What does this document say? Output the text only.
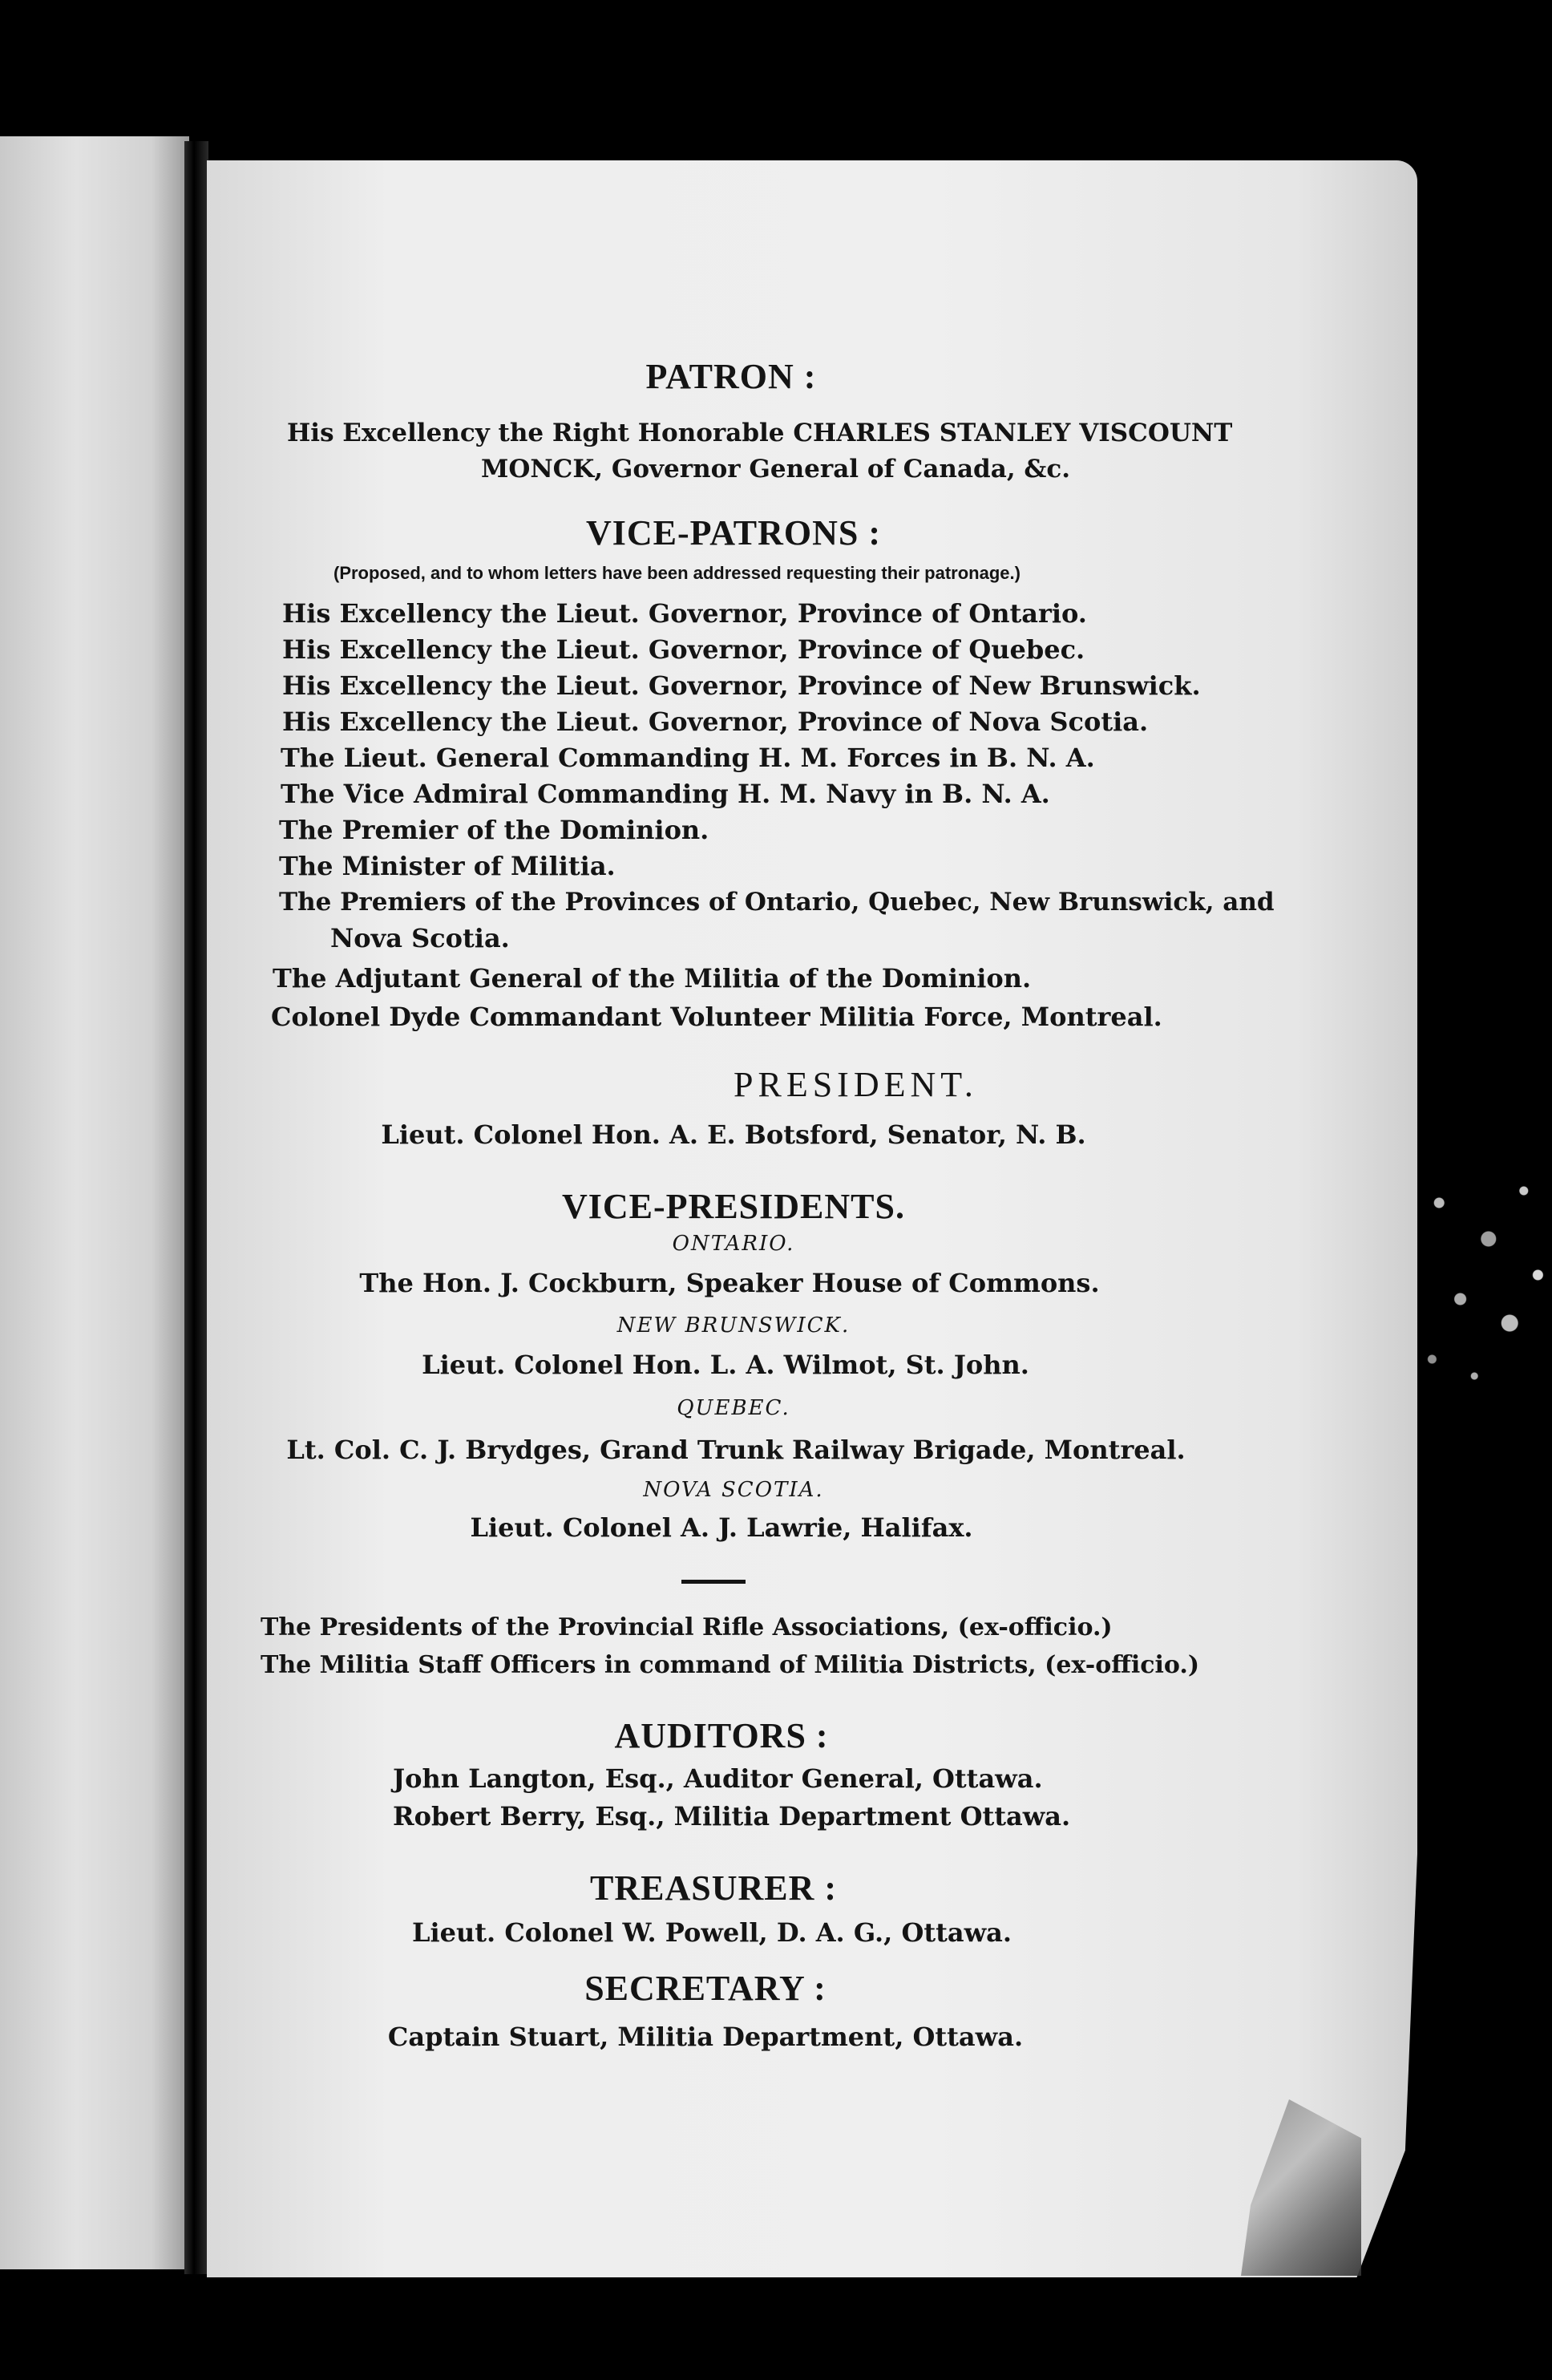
PATRON :
His Excellency the Right Honorable CHARLES STANLEY VISCOUNT
MONCK, Governor General of Canada, &c.
VICE-PATRONS :
(Proposed, and to whom letters have been addressed requesting their patronage.)
His Excellency the Lieut. Governor, Province of Ontario.
His Excellency the Lieut. Governor, Province of Quebec.
His Excellency the Lieut. Governor, Province of New Brunswick.
His Excellency the Lieut. Governor, Province of Nova Scotia.
The Lieut. General Commanding H. M. Forces in B. N. A.
The Vice Admiral Commanding H. M. Navy in B. N. A.
The Premier of the Dominion.
The Minister of Militia.
The Premiers of the Provinces of Ontario, Quebec, New Brunswick, and
Nova Scotia.
The Adjutant General of the Militia of the Dominion.
Colonel Dyde Commandant Volunteer Militia Force, Montreal.
PRESIDENT.
Lieut. Colonel Hon. A. E. Botsford, Senator, N. B.
VICE-PRESIDENTS.
ONTARIO.
The Hon. J. Cockburn, Speaker House of Commons.
NEW BRUNSWICK.
Lieut. Colonel Hon. L. A. Wilmot, St. John.
QUEBEC.
Lt. Col. C. J. Brydges, Grand Trunk Railway Brigade, Montreal.
NOVA SCOTIA.
Lieut. Colonel A. J. Lawrie, Halifax.
The Presidents of the Provincial Rifle Associations, (ex-officio.)
The Militia Staff Officers in command of Militia Districts, (ex-officio.)
AUDITORS :
John Langton, Esq., Auditor General, Ottawa.
Robert Berry, Esq., Militia Department Ottawa.
TREASURER :
Lieut. Colonel W. Powell, D. A. G., Ottawa.
SECRETARY :
Captain Stuart, Militia Department, Ottawa.
